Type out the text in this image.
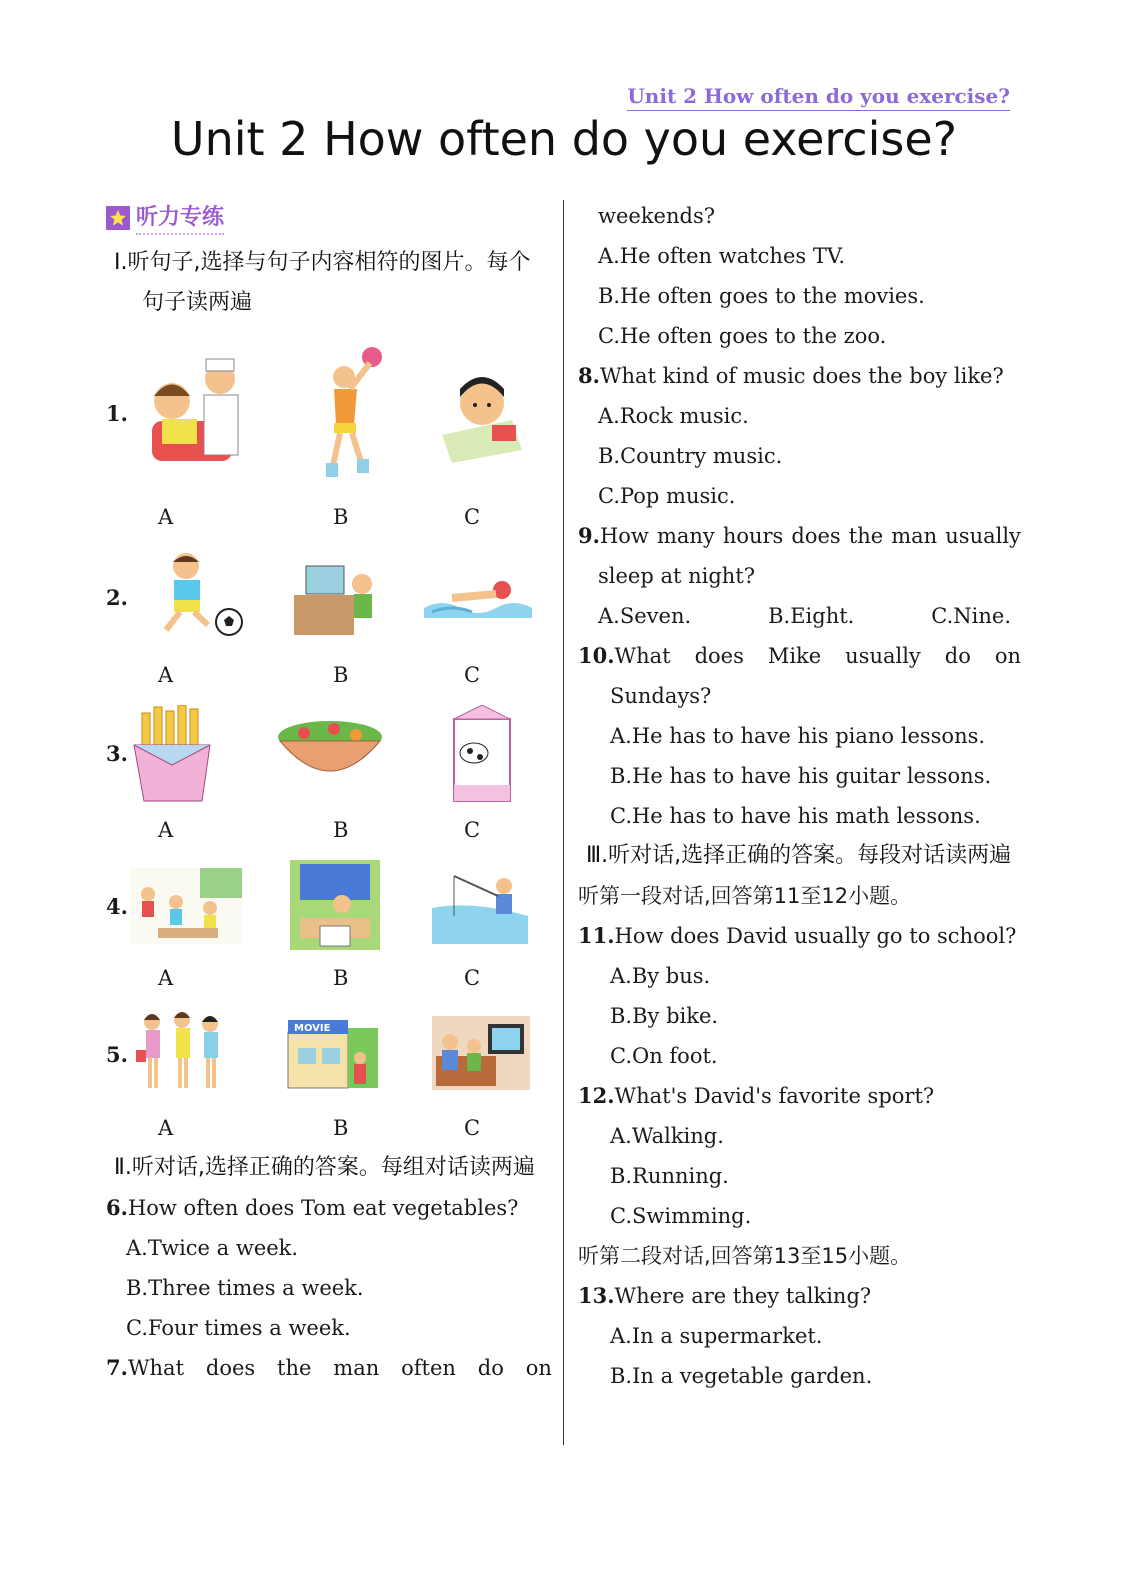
Unit 2 How often do you exercise?
Unit 2 How often do you exercise?
听力专练
Ⅰ.听句子,选择与句子内容相符的图片。每个句子读两遍
1.
A	B	C
2.
A	B	C
3.
A	B	C
4.
A	B	C
5.
MOVIE
A	B	C
Ⅱ.听对话,选择正确的答案。每组对话读两遍
6.How often does Tom eat vegetables?
A.Twice a week.
B.Three times a week.
C.Four times a week.
7.What does the man often do on
weekends?
A.He often watches TV.
B.He often goes to the movies.
C.He often goes to the zoo.
8.What kind of music does the boy like?
A.Rock music.
B.Country music.
C.Pop music.
9.How many hours does the man usually
sleep at night?
A.Seven.	B.Eight.	C.Nine.
10.What does Mike usually do on
Sundays?
A.He has to have his piano lessons.
B.He has to have his guitar lessons.
C.He has to have his math lessons.
Ⅲ.听对话,选择正确的答案。每段对话读两遍
听第一段对话,回答第11至12小题。
11.How does David usually go to school?
A.By bus.
B.By bike.
C.On foot.
12.What's David's favorite sport?
A.Walking.
B.Running.
C.Swimming.
听第二段对话,回答第13至15小题。
13.Where are they talking?
A.In a supermarket.
B.In a vegetable garden.
